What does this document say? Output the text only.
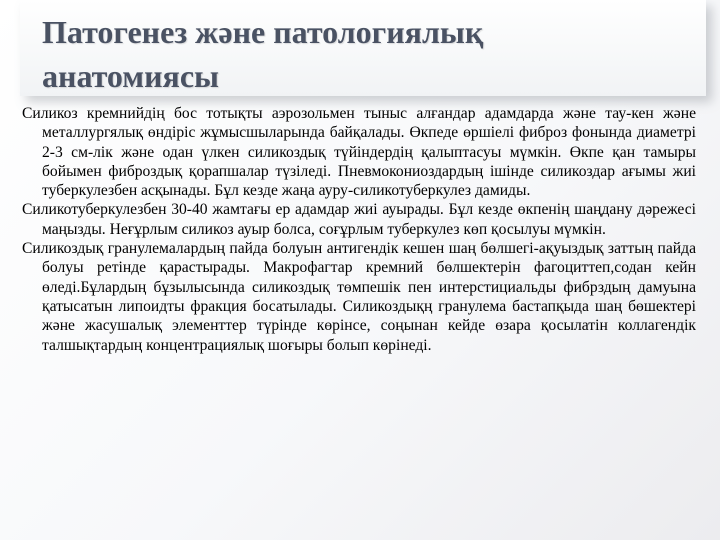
Патогенез жәнe патологиялық
анатомиясы

Силикоз кремнийдің бос тотықты аэрозольмен тыныс алғандар адамдарда және тау-кен және металлургялық өндіріс жұмысшыларында байқалады. Өкпеде өршіелі фиброз фонында диаметрі 2-3 см-лік және одан үлкен силикоздық түйіндердің қалыптасуы мүмкін. Өкпе қан тамыры бойымен фиброздық қорапшалар түзіледі. Пневмокониоздардың ішінде силикоздар ағымы жиі туберкулезбен асқынады. Бұл кезде жаңа ауру-силикотуберкулез дамиды.

Силикотуберкулезбен 30-40 жамтағы ер адамдар жиі ауырады. Бұл кезде өкпенің шаңдану дәрежесі маңызды. Неғұрлым силикоз ауыр болса, соғұрлым туберкулез көп қосылуы мүмкін.

Силикоздық гранулемалардың пайда болуын антигендік кешен шаң бөлшегі-ақуыздық заттың пайда болуы ретінде қарастырады. Макрофагтар кремний бөлшектерін фагоциттеп,содан кейн өледі.Бұлардың бұзылысында силикоздық төмпешік пен интерстициальды фибрздың дамуына қатысатын липоидты фракция босатылады. Силикоздықң гранулема бастапқыда шаң бөшектері және жасушалық элементтер түрінде көрінсе, соңынан кейде өзара қосылатін коллагендік талшықтардың концентрациялық шоғыры болып көрінеді.
